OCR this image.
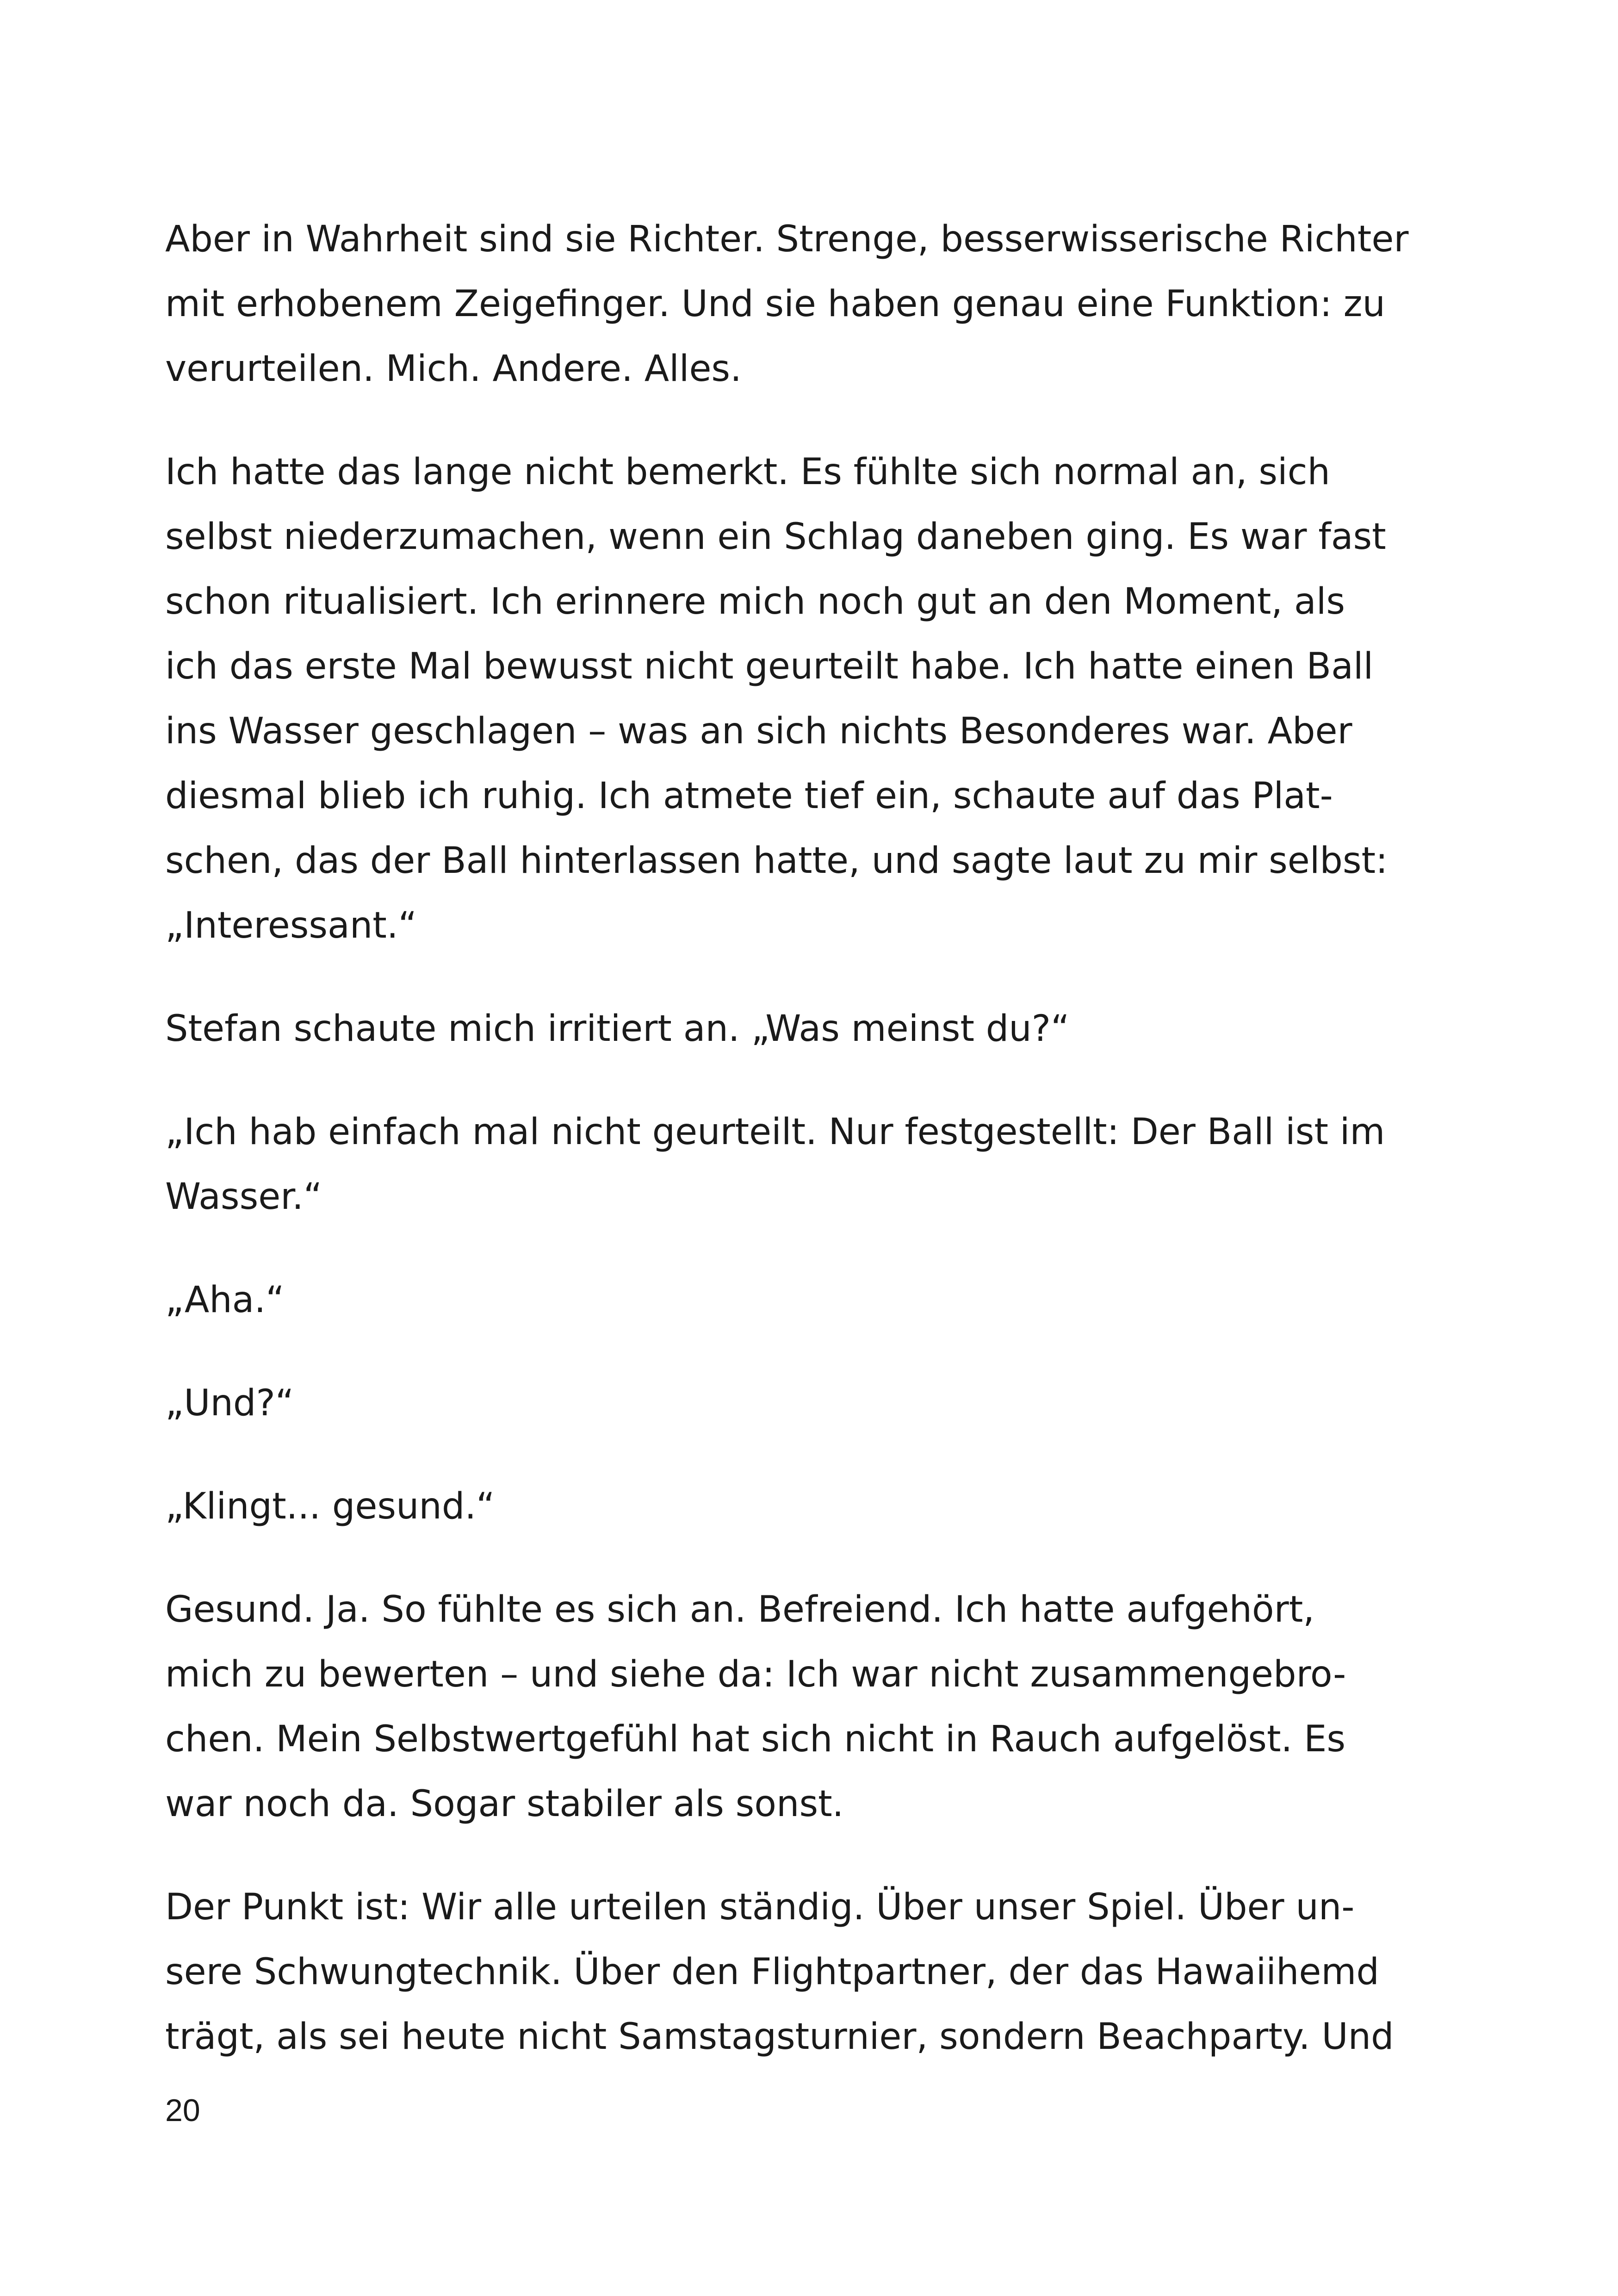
Aber in Wahrheit sind sie Richter. Strenge, besserwisserische Richter
mit erhobenem Zeigefinger. Und sie haben genau eine Funktion: zu
verurteilen. Mich. Andere. Alles.

Ich hatte das lange nicht bemerkt. Es fühlte sich normal an, sich
selbst niederzumachen, wenn ein Schlag daneben ging. Es war fast
schon ritualisiert. Ich erinnere mich noch gut an den Moment, als
ich das erste Mal bewusst nicht geurteilt habe. Ich hatte einen Ball
ins Wasser geschlagen – was an sich nichts Besonderes war. Aber
diesmal blieb ich ruhig. Ich atmete tief ein, schaute auf das Plat-
schen, das der Ball hinterlassen hatte, und sagte laut zu mir selbst:
„Interessant.“

Stefan schaute mich irritiert an. „Was meinst du?“

„Ich hab einfach mal nicht geurteilt. Nur festgestellt: Der Ball ist im
Wasser.“

„Aha.“

„Und?“

„Klingt... gesund.“

Gesund. Ja. So fühlte es sich an. Befreiend. Ich hatte aufgehört,
mich zu bewerten – und siehe da: Ich war nicht zusammengebro-
chen. Mein Selbstwertgefühl hat sich nicht in Rauch aufgelöst. Es
war noch da. Sogar stabiler als sonst.

Der Punkt ist: Wir alle urteilen ständig. Über unser Spiel. Über un-
sere Schwungtechnik. Über den Flightpartner, der das Hawaiihemd
trägt, als sei heute nicht Samstagsturnier, sondern Beachparty. Und

20
